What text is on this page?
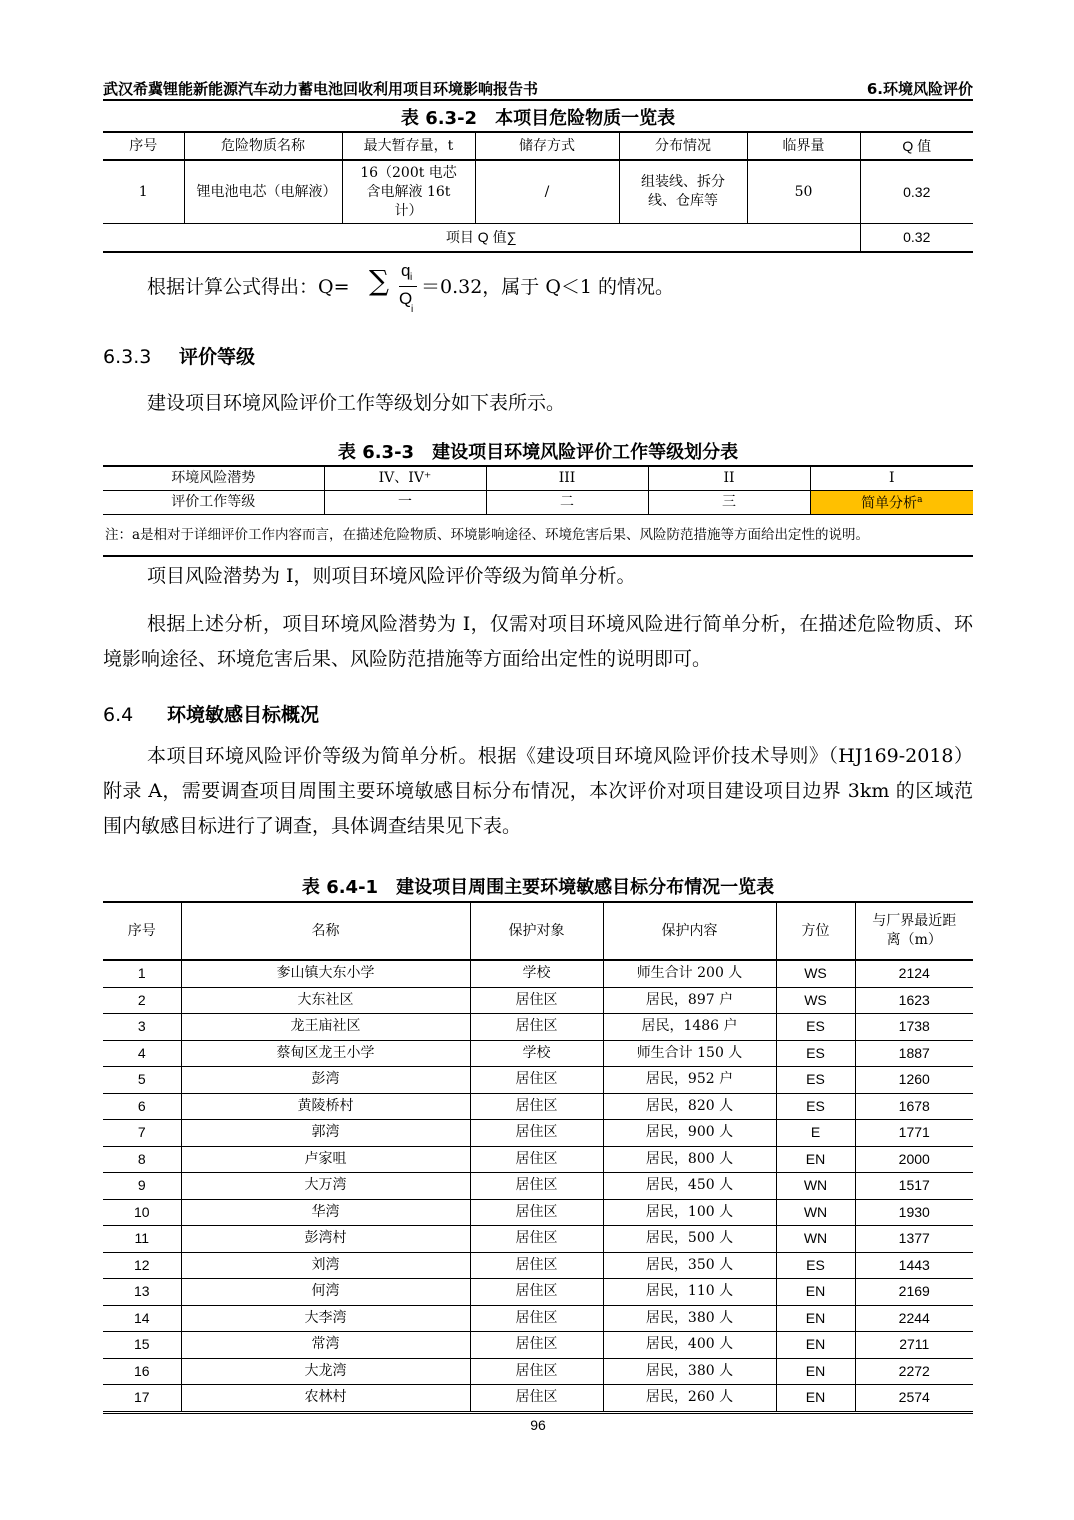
武汉希冀锂能新能源汽车动力蓄电池回收利用项目环境影响报告书	6.环境风险评价
表 6.3-2　本项目危险物质一览表
序号	危险物质名称	最大暂存量，t	储存方式	分布情况	临界量	Q 值
1	锂电池电芯（电解液）	16（200t 电芯含电解液 16t 计）	/	组装线、拆分线、仓库等	50	0.32
项目 Q 值∑						0.32
根据计算公式得出：Q= ∑ q i
Q
i
＝0.32，属于 Q＜1 的情况。
6.3.3 评价等级
建设项目环境风险评价工作等级划分如下表所示。
表 6.3-3　建设项目环境风险评价工作等级划分表
环境风险潜势	IV、IV⁺	III	II	I
评价工作等级	一	二	三	简单分析$^a$
注：a是相对于详细评价工作内容而言，在描述危险物质、环境影响途径、环境危害后果、风险防范措施等方面给出定性的说明。				
项目风险潜势为 I，则项目环境风险评价等级为简单分析。
根据上述分析，项目环境风险潜势为 I，仅需对项目环境风险进行简单分析，在描述危险物质、环境影响途径、环境危害后果、风险防范措施等方面给出定性的说明即可。
6.4 环境敏感目标概况
本项目环境风险评价等级为简单分析。根据《建设项目环境风险评价技术导则》（HJ169-2018）附录 A，需要调查项目周围主要环境敏感目标分布情况，本次评价对项目建设项目边界 3km 的区域范围内敏感目标进行了调查，具体调查结果见下表。
表 6.4-1　建设项目周围主要环境敏感目标分布情况一览表
序号	名称	保护对象	保护内容	方位	与厂界最近距离（m）
1	奓山镇大东小学	学校	师生合计 200 人	WS	2124
2	大东社区	居住区	居民，897 户	WS	1623
3	龙王庙社区	居住区	居民，1486 户	ES	1738
4	蔡甸区龙王小学	学校	师生合计 150 人	ES	1887
5	彭湾	居住区	居民，952 户	ES	1260
6	黄陵桥村	居住区	居民，820 人	ES	1678
7	郭湾	居住区	居民，900 人	E	1771
8	卢家咀	居住区	居民，800 人	EN	2000
9	大万湾	居住区	居民，450 人	WN	1517
10	华湾	居住区	居民，100 人	WN	1930
11	彭湾村	居住区	居民，500 人	WN	1377
12	刘湾	居住区	居民，350 人	ES	1443
13	何湾	居住区	居民，110 人	EN	2169
14	大李湾	居住区	居民，380 人	EN	2244
15	常湾	居住区	居民，400 人	EN	2711
16	大龙湾	居住区	居民，380 人	EN	2272
17	农林村	居住区	居民，260 人	EN	2574
96
